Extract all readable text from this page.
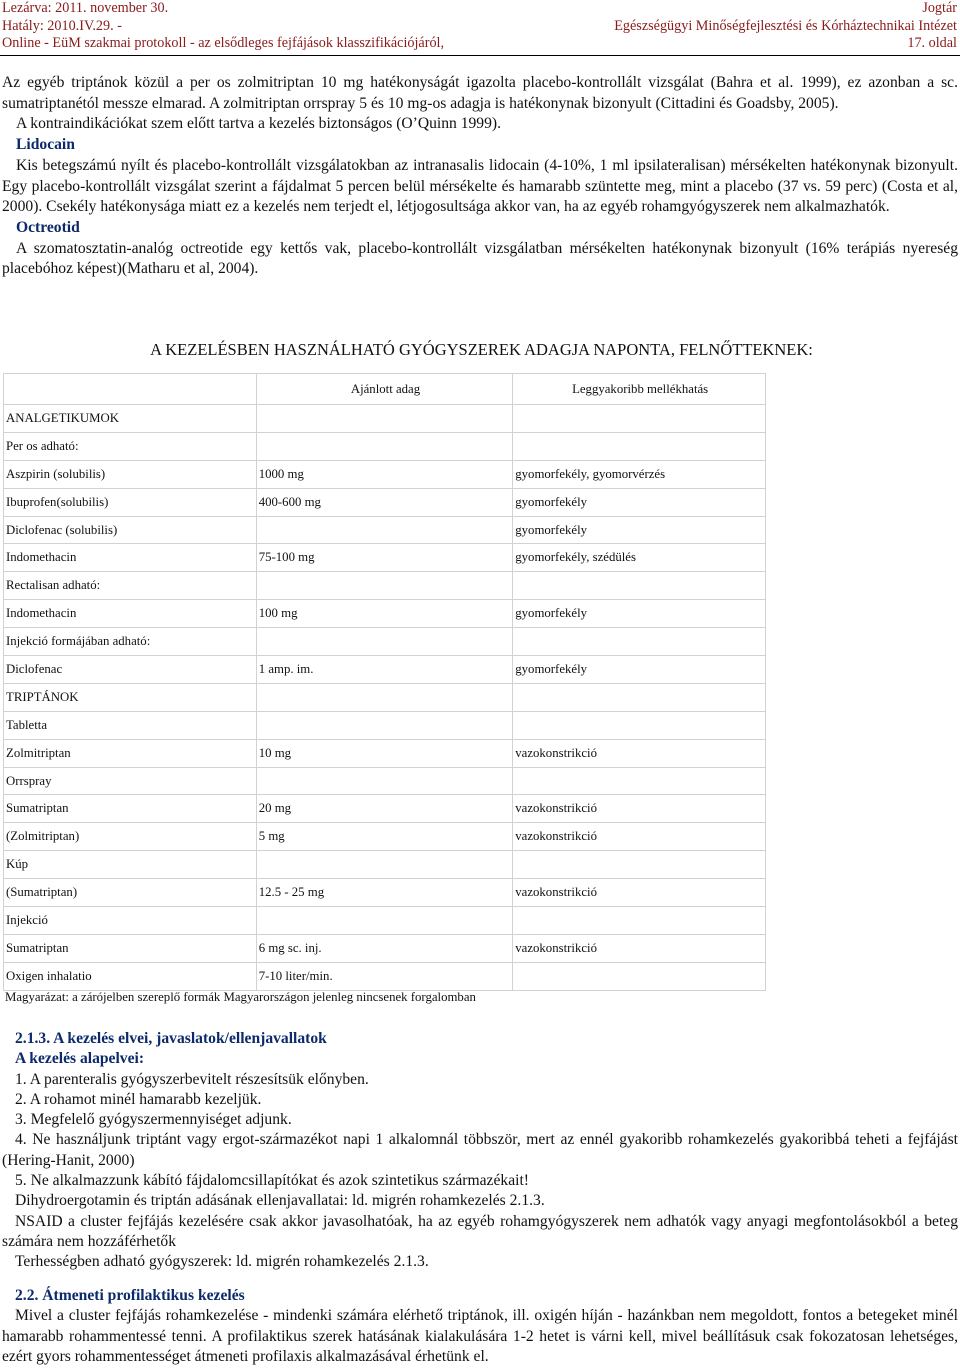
Lezárva: 2011. november 30.
Hatály: 2010.IV.29. -
Online - EüM szakmai protokoll - az elsődleges fejfájások klasszifikációjáról,
Jogtár
Egészségügyi Minőségfejlesztési és Kórháztechnikai Intézet
17. oldal

Az egyéb triptánok közül a per os zolmitriptan 10 mg hatékonyságát igazolta placebo-kontrollált vizsgálat (Bahra et al. 1999), ez azonban a sc. sumatriptanétól messze elmarad. A zolmitriptan orrspray 5 és 10 mg-os adagja is hatékonynak bizonyult (Cittadini és Goadsby, 2005).

A kontraindikációkat szem előtt tartva a kezelés biztonságos (O’Quinn 1999).

Lidocain

Kis betegszámú nyílt és placebo-kontrollált vizsgálatokban az intranasalis lidocain (4-10%, 1 ml ipsilateralisan) mérsékelten hatékonynak bizonyult. Egy placebo-kontrollált vizsgálat szerint a fájdalmat 5 percen belül mérsékelte és hamarabb szüntette meg, mint a placebo (37 vs. 59 perc) (Costa et al, 2000). Csekély hatékonysága miatt ez a kezelés nem terjedt el, létjogosultsága akkor van, ha az egyéb rohamgyógyszerek nem alkalmazhatók.

Octreotid

A szomatosztatin-analóg octreotide egy kettős vak, placebo-kontrollált vizsgálatban mérsékelten hatékonynak bizonyult (16% terápiás nyereség placebóhoz képest)(Matharu et al, 2004).

A KEZELÉSBEN HASZNÁLHATÓ GYÓGYSZEREK ADAGJA NAPONTA, FELNŐTTEKNEK:
	Ajánlott adag	Leggyakoribb mellékhatás
ANALGETIKUMOK		
Per os adható:		
Aszpirin (solubilis)	1000 mg	gyomorfekély, gyomorvérzés
Ibuprofen(solubilis)	400-600 mg	gyomorfekély
Diclofenac (solubilis)		gyomorfekély
Indomethacin	75-100 mg	gyomorfekély, szédülés
Rectalisan adható:		
Indomethacin	100 mg	gyomorfekély
Injekció formájában adható:		
Diclofenac	1 amp. im.	gyomorfekély
TRIPTÁNOK		
Tabletta		
Zolmitriptan	10 mg	vazokonstrikció
Orrspray		
Sumatriptan	20 mg	vazokonstrikció
(Zolmitriptan)	5 mg	vazokonstrikció
Kúp		
(Sumatriptan)	12.5 - 25 mg	vazokonstrikció
Injekció		
Sumatriptan	6 mg sc. inj.	vazokonstrikció
Oxigen inhalatio	7-10 liter/min.	
Magyarázat: a zárójelben szereplő formák Magyarországon jelenleg nincsenek forgalomban

2.1.3. A kezelés elvei, javaslatok/ellenjavallatok

A kezelés alapelvei:

1. A parenteralis gyógyszerbevitelt részesítsük előnyben.

2. A rohamot minél hamarabb kezeljük.

3. Megfelelő gyógyszermennyiséget adjunk.

4. Ne használjunk triptánt vagy ergot-származékot napi 1 alkalomnál többször, mert az ennél gyakoribb rohamkezelés gyakoribbá teheti a fejfájást (Hering-Hanit, 2000)

5. Ne alkalmazzunk kábító fájdalomcsillapítókat és azok szintetikus származékait!

Dihydroergotamin és triptán adásának ellenjavallatai: ld. migrén rohamkezelés 2.1.3.

NSAID a cluster fejfájás kezelésére csak akkor javasolhatóak, ha az egyéb rohamgyógyszerek nem adhatók vagy anyagi megfontolásokból a beteg számára nem hozzáférhetők

Terhességben adható gyógyszerek: ld. migrén rohamkezelés 2.1.3.

2.2. Átmeneti profilaktikus kezelés

Mivel a cluster fejfájás rohamkezelése - mindenki számára elérhető triptánok, ill. oxigén híján - hazánkban nem megoldott, fontos a betegeket minél hamarabb rohammentessé tenni. A profilaktikus szerek hatásának kialakulására 1-2 hetet is várni kell, mivel beállításuk csak fokozatosan lehetséges, ezért gyors rohammentességet átmeneti profilaxis alkalmazásával érhetünk el.
